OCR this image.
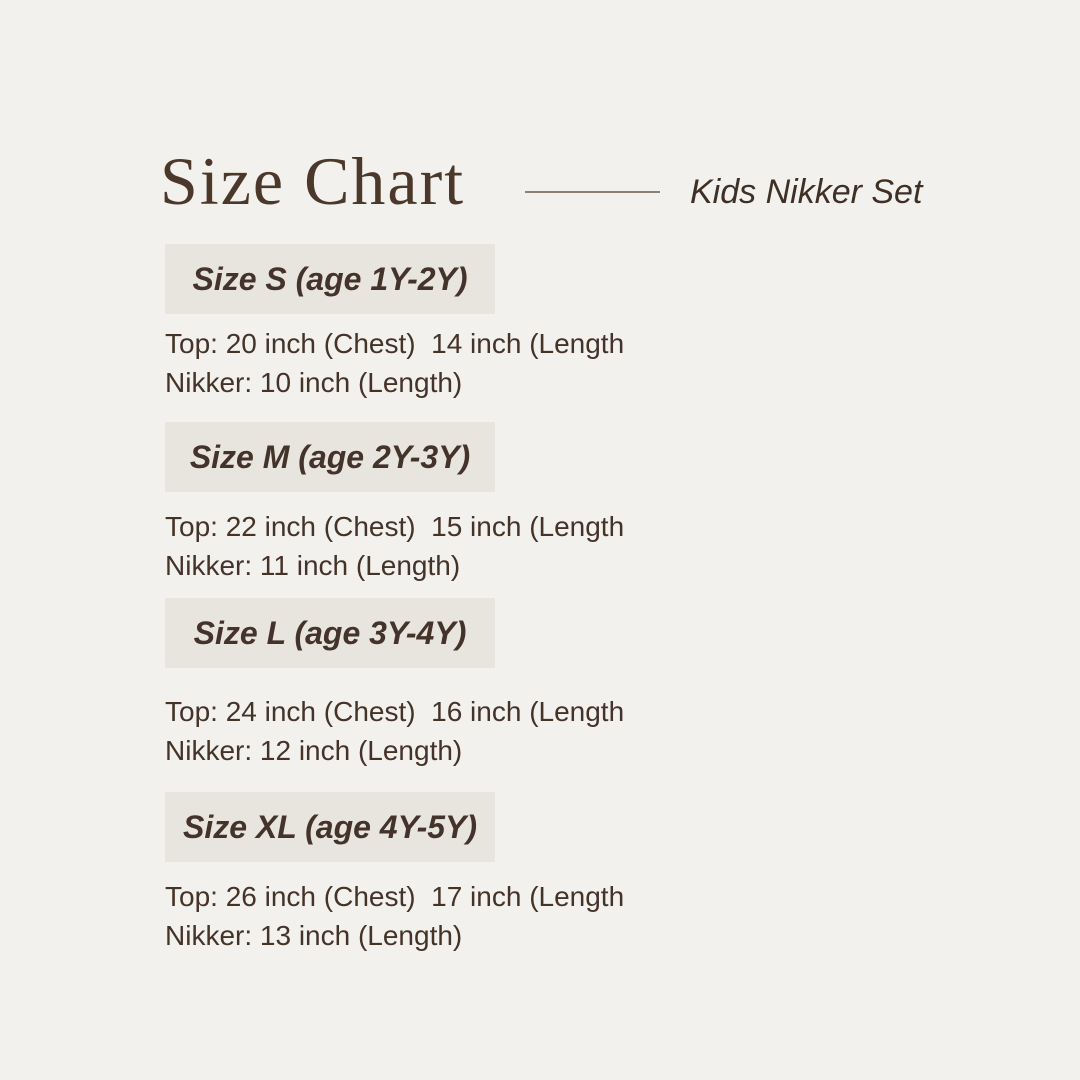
Size Chart	Kids Nikker Set

Size S (age 1Y-2Y)

Top: 20 inch (Chest)  14 inch (Length

Nikker: 10 inch (Length)

Size M (age 2Y-3Y)

Top: 22 inch (Chest)  15 inch (Length

Nikker: 11 inch (Length)

Size L (age 3Y-4Y)

Top: 24 inch (Chest)  16 inch (Length

Nikker: 12 inch (Length)

Size XL (age 4Y-5Y)

Top: 26 inch (Chest)  17 inch (Length

Nikker: 13 inch (Length)
